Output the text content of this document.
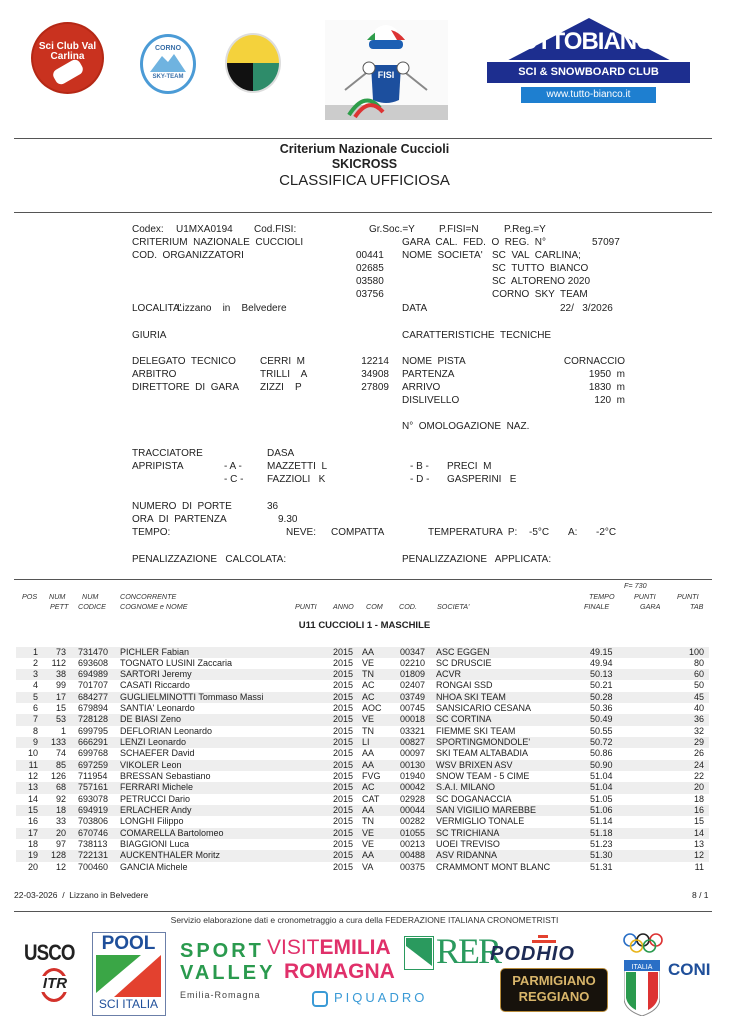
Sci Club Val Carlina
CORNO
SKY-TEAM	FISI
TUTTOBIANCO
SCI & SNOWBOARD CLUB
www.tutto-bianco.it
Criterium Nazionale Cuccioli
SKICROSS
CLASSIFICA UFFICIOSA
Codex: U1MXA0194 Cod.FISI:	Gr.Soc.=Y P.FISI=N	P.Reg.=Y
CRITERIUM  NAZIONALE  CUCCIOLI	GARA  CAL.  FED.  O  REG.  N°	57097
COD.  ORGANIZZATORI	NOME  SOCIETA'
00441	SC  VAL  CARLINA;
02685	SC  TUTTO  BIANCO
03580	SC  ALTORENO 2020
03756	CORNO  SKY  TEAM
LOCALITA'
Lizzano    in    Belvedere	DATA	22/   3/2026
GIURIA	CARATTERISTICHE  TECNICHE
DELEGATO  TECNICO CERRI  M	12214
ARBITRO	TRILLI    A	34908
DIRETTORE  DI  GARA ZIZZI    P	27809
NOME  PISTA	CORNACCIO
PARTENZA	1950  m
ARRIVO	1830  m
DISLIVELLO	120  m
N°  OMOLOGAZIONE  NAZ.
TRACCIATORE	DASA
APRIPISTA	- A -	MAZZETTI  L	- B - PRECI  M
- C - FAZZIOLI   K	- D - GASPERINI   E
NUMERO  DI  PORTE	36
ORA  DI  PARTENZA	9.30
TEMPO:	NEVE: COMPATTA	TEMPERATURA  P: -5°C A: -2°C
PENALIZZAZIONE   CALCOLATA:	PENALIZZAZIONE   APPLICATA:
F= 730
POS NUM
PETT
NUM
CODICE
CONCORRENTE
COGNOME e NOME	PUNTI ANNO COM COD.	SOCIETA'
TEMPO
FINALE
PUNTI
GARA
PUNTI
TAB
U11 CUCCIOLI 1 - MASCHILE
1	73 731470 PICHLER Fabian	2015 AA	00347 ASC EGGEN	49.15	100
2	112 693608 TOGNATO LUSINI Zaccaria	2015 VE	02210 SC DRUSCIE	49.94	80
3	38 694989 SARTORI Jeremy	2015 TN	01809 ACVR	50.13	60
4	99 701707 CASATI Riccardo	2015 AC	02407 RONGAI SSD	50.21	50
5	17 684277 GUGLIELMINOTTI Tommaso Massi	2015 AC	03749 NHOA SKI TEAM	50.28	45
6	15 679894 SANTIA' Leonardo	2015 AOC 00745 SANSICARIO CESANA	50.36	40
7	53 728128 DE BIASI Zeno	2015 VE	00018 SC CORTINA	50.49	36
8	1 699795 DEFLORIAN Leonardo	2015 TN	03321 FIEMME SKI TEAM	50.55	32
9	133 666291 LENZI Leonardo	2015 LI	00827 SPORTINGMONDOLE'	50.72	29
10	74 699768 SCHAEFER David	2015 AA	00097 SKI TEAM ALTABADIA	50.86	26
11	85 697259 VIKOLER Leon	2015 AA	00130 WSV BRIXEN ASV	50.90	24
12	126 711954 BRESSAN Sebastiano	2015 FVG 01940 SNOW TEAM - 5 CIME	51.04	22
13	68 757161 FERRARI Michele	2015 AC	00042 S.A.I. MILANO	51.04	20
14	92 693078 PETRUCCI Dario	2015 CAT 02928 SC DOGANACCIA	51.05	18
15	18 694919 ERLACHER Andy	2015 AA	00044 SAN VIGILIO MAREBBE	51.06	16
16	33 703806 LONGHI Filippo	2015 TN	00282 VERMIGLIO TONALE	51.14	15
17	20 670746 COMARELLA Bartolomeo	2015 VE	01055 SC TRICHIANA	51.18	14
18	97 738113 BIAGGIONI Luca	2015 VE	00213 UOEI TREVISO	51.23	13
19	128 722131 AUCKENTHALER Moritz	2015 AA	00488 ASV RIDANNA	51.30	12
20	12 700460 GANCIA Michele	2015 VA	00375 CRAMMONT MONT BLANC	51.31	11
22-03-2026  /  Lizzano in Belvedere	8 / 1
Servizio elaborazione dati e cronometraggio a cura della FEDERAZIONE ITALIANA CRONOMETRISTI
USCO
ITR
POOL
SCI ITALIA
SPORT
VALLEY
Emilia-Romagna
VISITEMILIA
ROMAGNA
PIQUADRO
RER
PODHIO
PARMIGIANO
REGGIANO
ITALIA CONI
